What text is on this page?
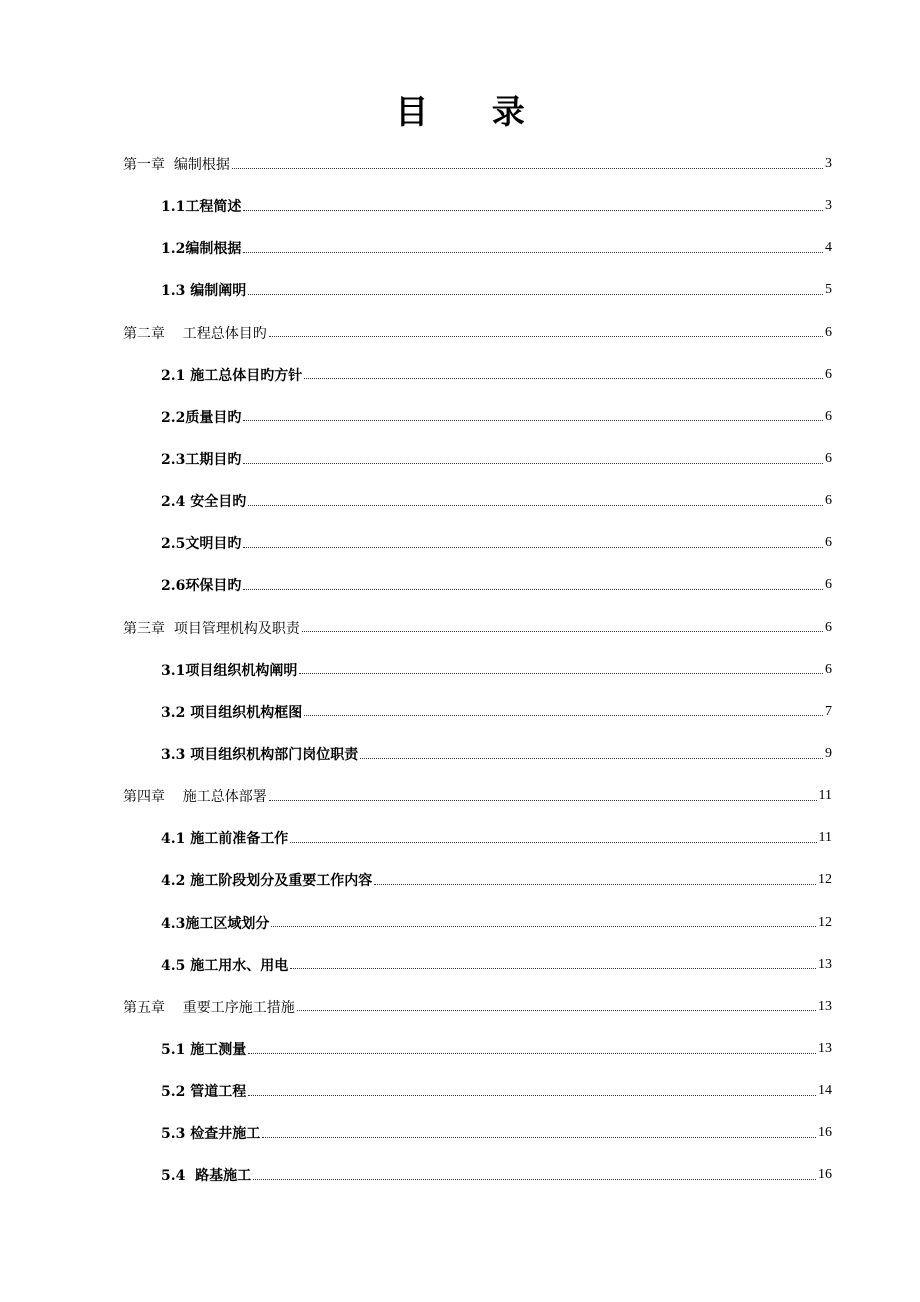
目 录
第一章  编制根据	3
1.1工程简述	3
1.2编制根据	4
1.3 编制阐明	5
第二章    工程总体目旳	6
2.1 施工总体目旳方针	6
2.2质量目旳	6
2.3工期目旳	6
2.4 安全目旳	6
2.5文明目旳	6
2.6环保目旳	6
第三章  项目管理机构及职责	6
3.1项目组织机构阐明	6
3.2 项目组织机构框图	7
3.3 项目组织机构部门岗位职责	9
第四章    施工总体部署	11
4.1 施工前准备工作	11
4.2 施工阶段划分及重要工作内容	12
4.3施工区域划分	12
4.5 施工用水、用电	13
第五章    重要工序施工措施	13
5.1 施工测量	13
5.2 管道工程	14
5.3 检查井施工	16
5.4  路基施工	16
